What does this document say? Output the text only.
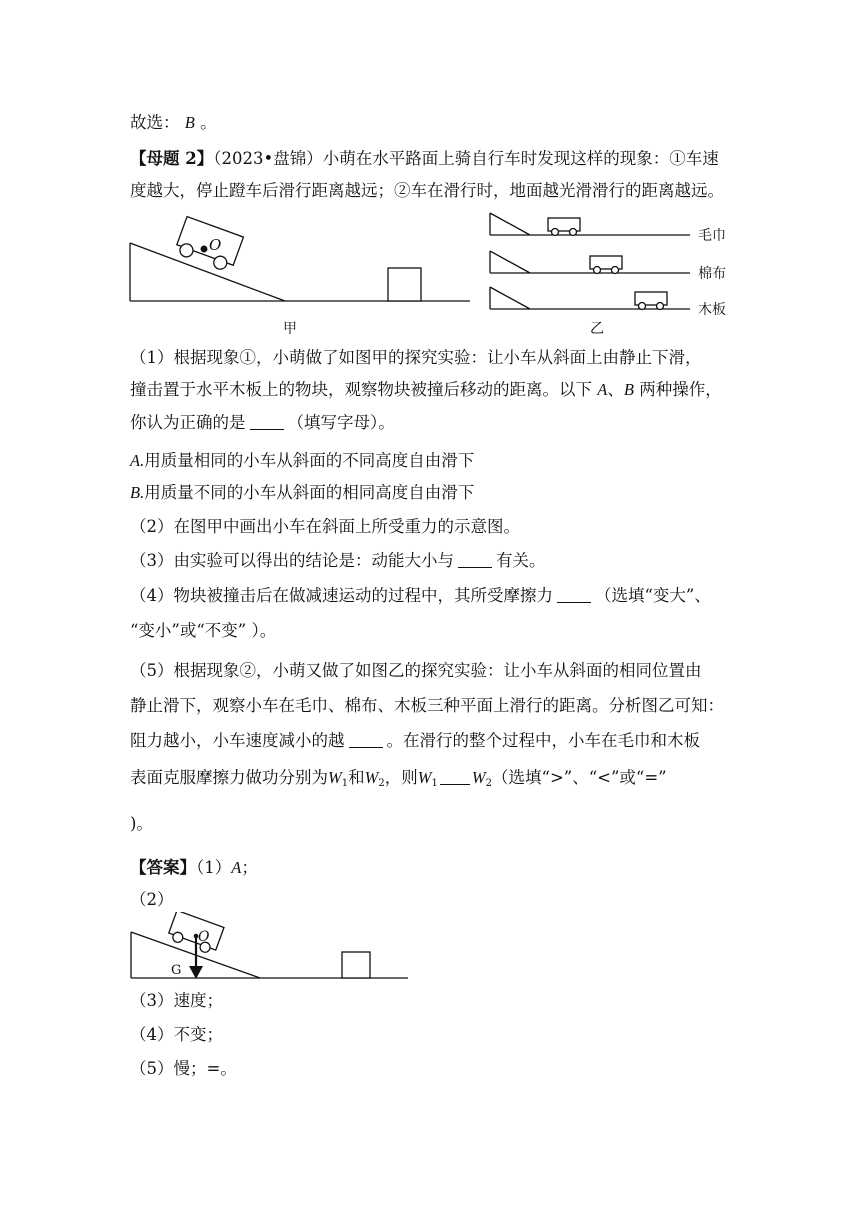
故选： B 。
【母题 2】（2023•盘锦）小萌在水平路面上骑自行车时发现这样的现象：①车速
度越大，停止蹬车后滑行距离越远；②车在滑行时，地面越光滑滑行的距离越远。
O
甲
毛巾
棉布
木板
乙
（1）根据现象①，小萌做了如图甲的探究实验：让小车从斜面上由静止下滑，
撞击置于水平木板上的物块，观察物块被撞后移动的距离。以下 A、B 两种操作，
你认为正确的是	（填写字母）。
A.用质量相同的小车从斜面的不同高度自由滑下
B.用质量不同的小车从斜面的相同高度自由滑下
（2）在图甲中画出小车在斜面上所受重力的示意图。
（3）由实验可以得出的结论是：动能大小与	有关。
（4）物块被撞击后在做减速运动的过程中，其所受摩擦力	（选填“变大”、
“变小”或“不变” ）。
（5）根据现象②，小萌又做了如图乙的探究实验：让小车从斜面的相同位置由
静止滑下，观察小车在毛巾、棉布、木板三种平面上滑行的距离。分析图乙可知：
阻力越小，小车速度减小的越	。在滑行的整个过程中，小车在毛巾和木板
表面克服摩擦力做功分别为$W_1$和$W_2$，则$W_1$ $W_2$（选填“>”、“<”或“=”
)。
【答案】（1）A；
（2）
O
G
（3）速度；
（4）不变；
（5）慢；=。
